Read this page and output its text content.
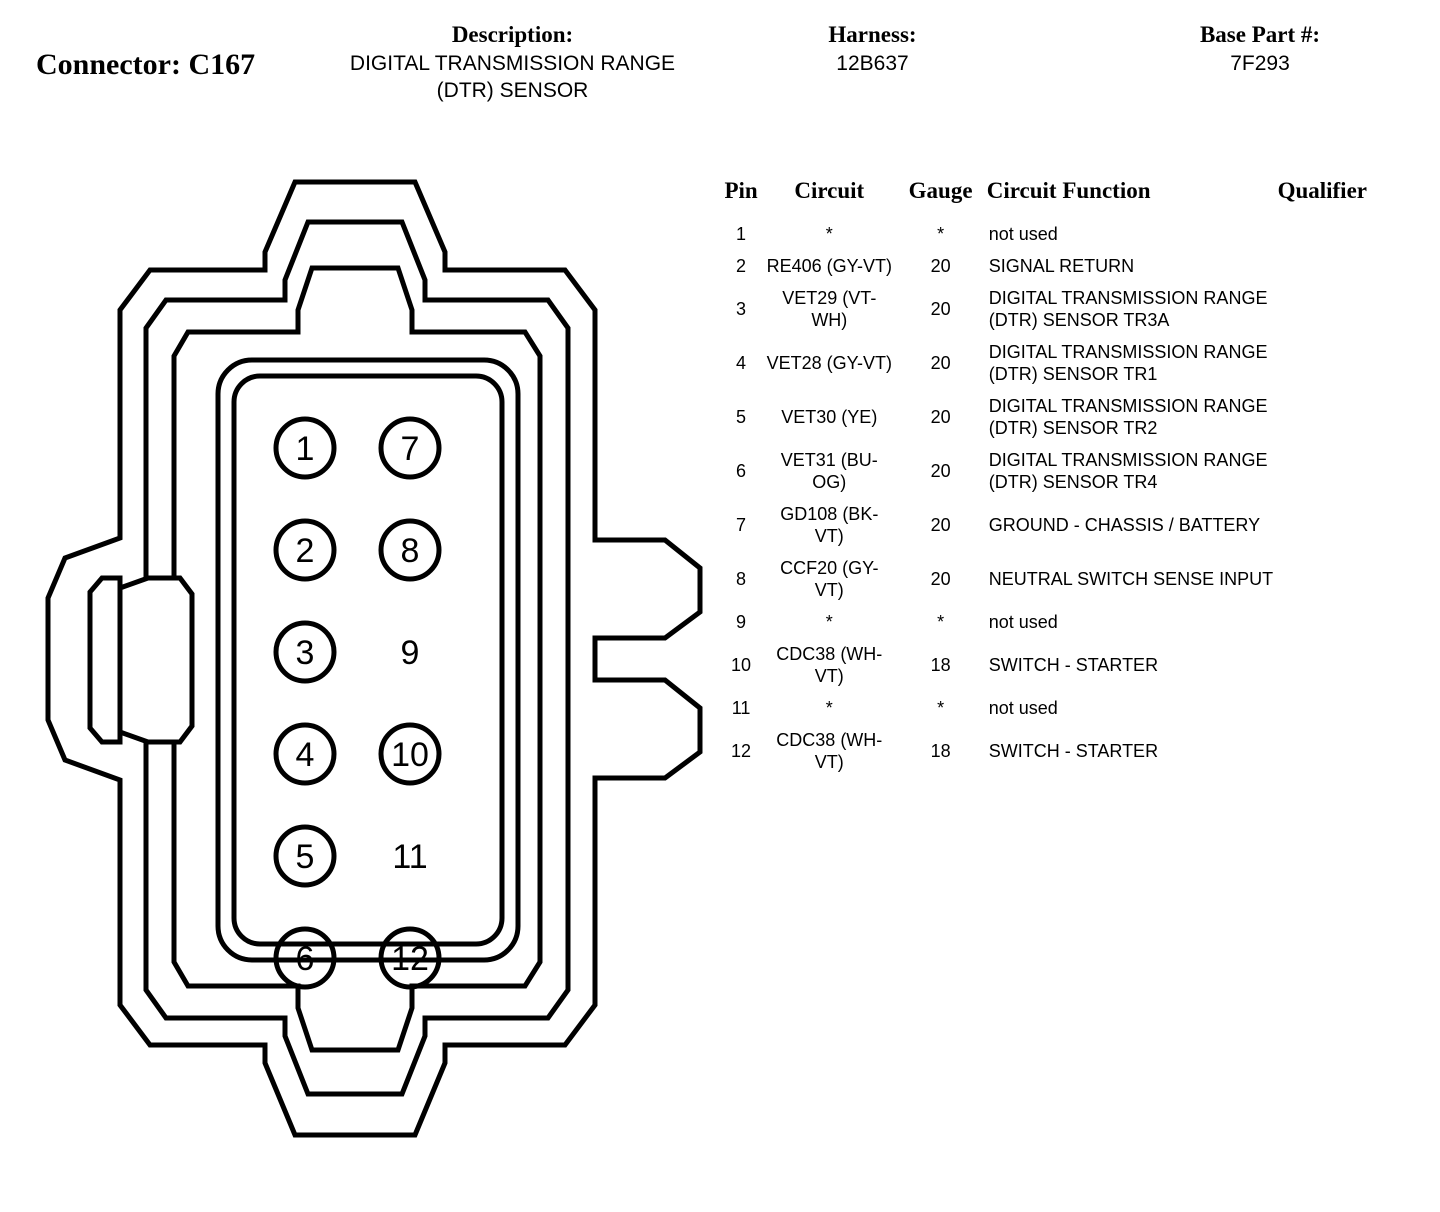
Connector: C167
Description:
DIGITAL TRANSMISSION RANGE (DTR) SENSOR
Harness:
12B637
Base Part #:
7F293
1	7
2	8
3	9
4 10
5 11
6 12
Pin	Circuit	Gauge	Circuit Function	Qualifier
1	*	*	not used	
2	RE406 (GY-VT)	20	SIGNAL RETURN	
3	VET29 (VT-WH)	20	DIGITAL TRANSMISSION RANGE (DTR) SENSOR TR3A	
4	VET28 (GY-VT)	20	DIGITAL TRANSMISSION RANGE (DTR) SENSOR TR1	
5	VET30 (YE)	20	DIGITAL TRANSMISSION RANGE (DTR) SENSOR TR2	
6	VET31 (BU-OG)	20	DIGITAL TRANSMISSION RANGE (DTR) SENSOR TR4	
7	GD108 (BK-VT)	20	GROUND - CHASSIS / BATTERY	
8	CCF20 (GY-VT)	20	NEUTRAL SWITCH SENSE INPUT	
9	*	*	not used	
10	CDC38 (WH-VT)	18	SWITCH - STARTER	
11	*	*	not used	
12	CDC38 (WH-VT)	18	SWITCH - STARTER	
